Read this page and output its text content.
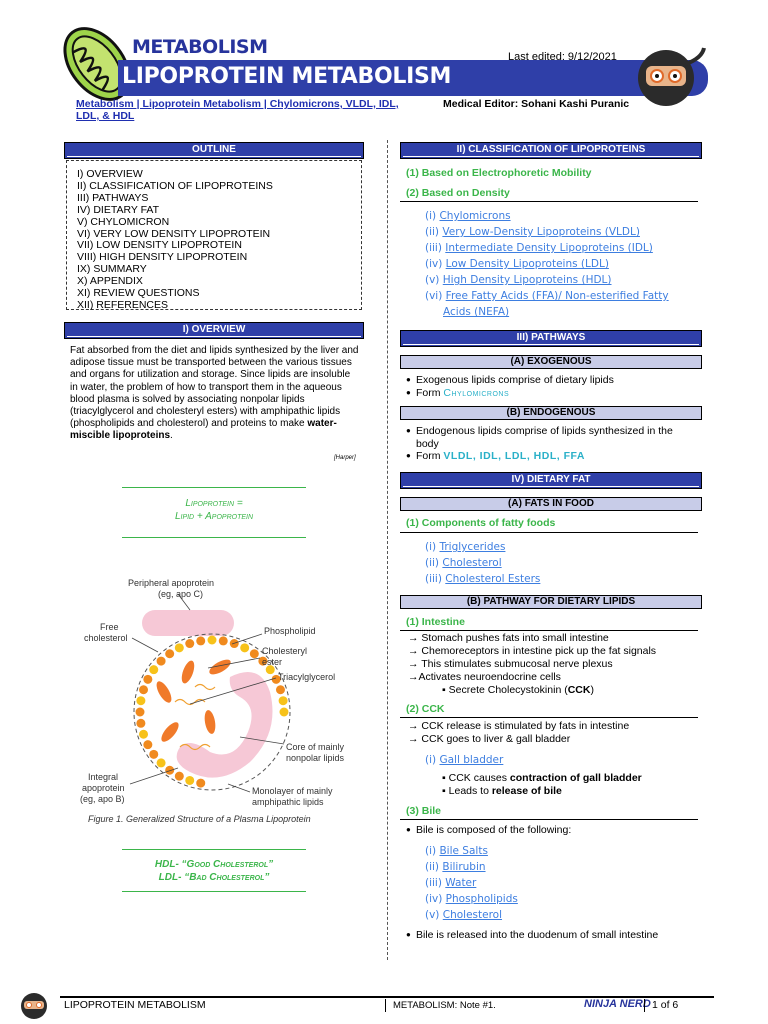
METABOLISM
LIPOPROTEIN METABOLISM
Last edited: 9/12/2021
Metabolism | Lipoprotein Metabolism | Chylomicrons, VLDL, IDL, LDL, & HDL
Medical Editor: Sohani Kashi Puranic
OUTLINE
I) OVERVIEW
II) CLASSIFICATION OF LIPOPROTEINS
III) PATHWAYS
IV) DIETARY FAT
V) CHYLOMICRON
VI) VERY LOW DENSITY LIPOPROTEIN
VII) LOW DENSITY LIPOPROTEIN
VIII) HIGH DENSITY LIPOPROTEIN
IX) SUMMARY
X) APPENDIX
XI) REVIEW QUESTIONS
XII) REFERENCES
I) OVERVIEW
Fat absorbed from the diet and lipids synthesized by the liver and adipose tissue must be transported between the various tissues and organs for utilization and storage. Since lipids are insoluble in water, the problem of how to transport them in the aqueous blood plasma is solved by associating nonpolar lipids (triacylglycerol and cholesteryl esters) with amphipathic lipids (phospholipids and cholesterol) and proteins to make water-miscible lipoproteins.
[Harper]
Lipoprotein =
Lipid + Apoprotein
Peripheral apoprotein
(eg, apo C)
Free
cholesterol
Phospholipid
Cholesteryl
ester
Triacylglycerol
Core of mainly
nonpolar lipids
Integral
apoprotein
(eg, apo B)
Monolayer of mainly
amphipathic lipids
Figure 1. Generalized Structure of a Plasma Lipoprotein
HDL- “Good Cholesterol”
LDL- “Bad Cholesterol”
II) CLASSIFICATION OF LIPOPROTEINS
(1) Based on Electrophoretic Mobility
(2) Based on Density
(i) Chylomicrons
(ii) Very Low-Density Lipoproteins (VLDL)
(iii) Intermediate Density Lipoproteins (IDL)
(iv) Low Density Lipoproteins (LDL)
(v) High Density Lipoproteins (HDL)
(vi) Free Fatty Acids (FFA)/ Non-esterified Fatty
Acids (NEFA)
III) PATHWAYS
(A) EXOGENOUS
● Exogenous lipids comprise of dietary lipids
● Form Chylomicrons
(B) ENDOGENOUS
● Endogenous lipids comprise of lipids synthesized in the body
● Form VLDL, IDL, LDL, HDL, FFA
IV) DIETARY FAT
(A) FATS IN FOOD
(1) Components of fatty foods
(i) Triglycerides
(ii) Cholesterol
(iii) Cholesterol Esters
(B) PATHWAY FOR DIETARY LIPIDS
(1) Intestine
→ Stomach pushes fats into small intestine
→ Chemoreceptors in intestine pick up the fat signals
→ This stimulates submucosal nerve plexus
→Activates neuroendocrine cells
▪ Secrete Cholecystokinin (CCK)
(2) CCK
→ CCK release is stimulated by fats in intestine
→ CCK goes to liver & gall bladder
(i) Gall bladder
▪ CCK causes contraction of gall bladder
▪ Leads to release of bile
(3) Bile
● Bile is composed of the following:
(i) Bile Salts
(ii) Bilirubin
(iii) Water
(iv) Phospholipids
(v) Cholesterol
● Bile is released into the duodenum of small intestine
LIPOPROTEIN METABOLISM	METABOLISM: Note #1.	NINJA NERD 1 of 6
